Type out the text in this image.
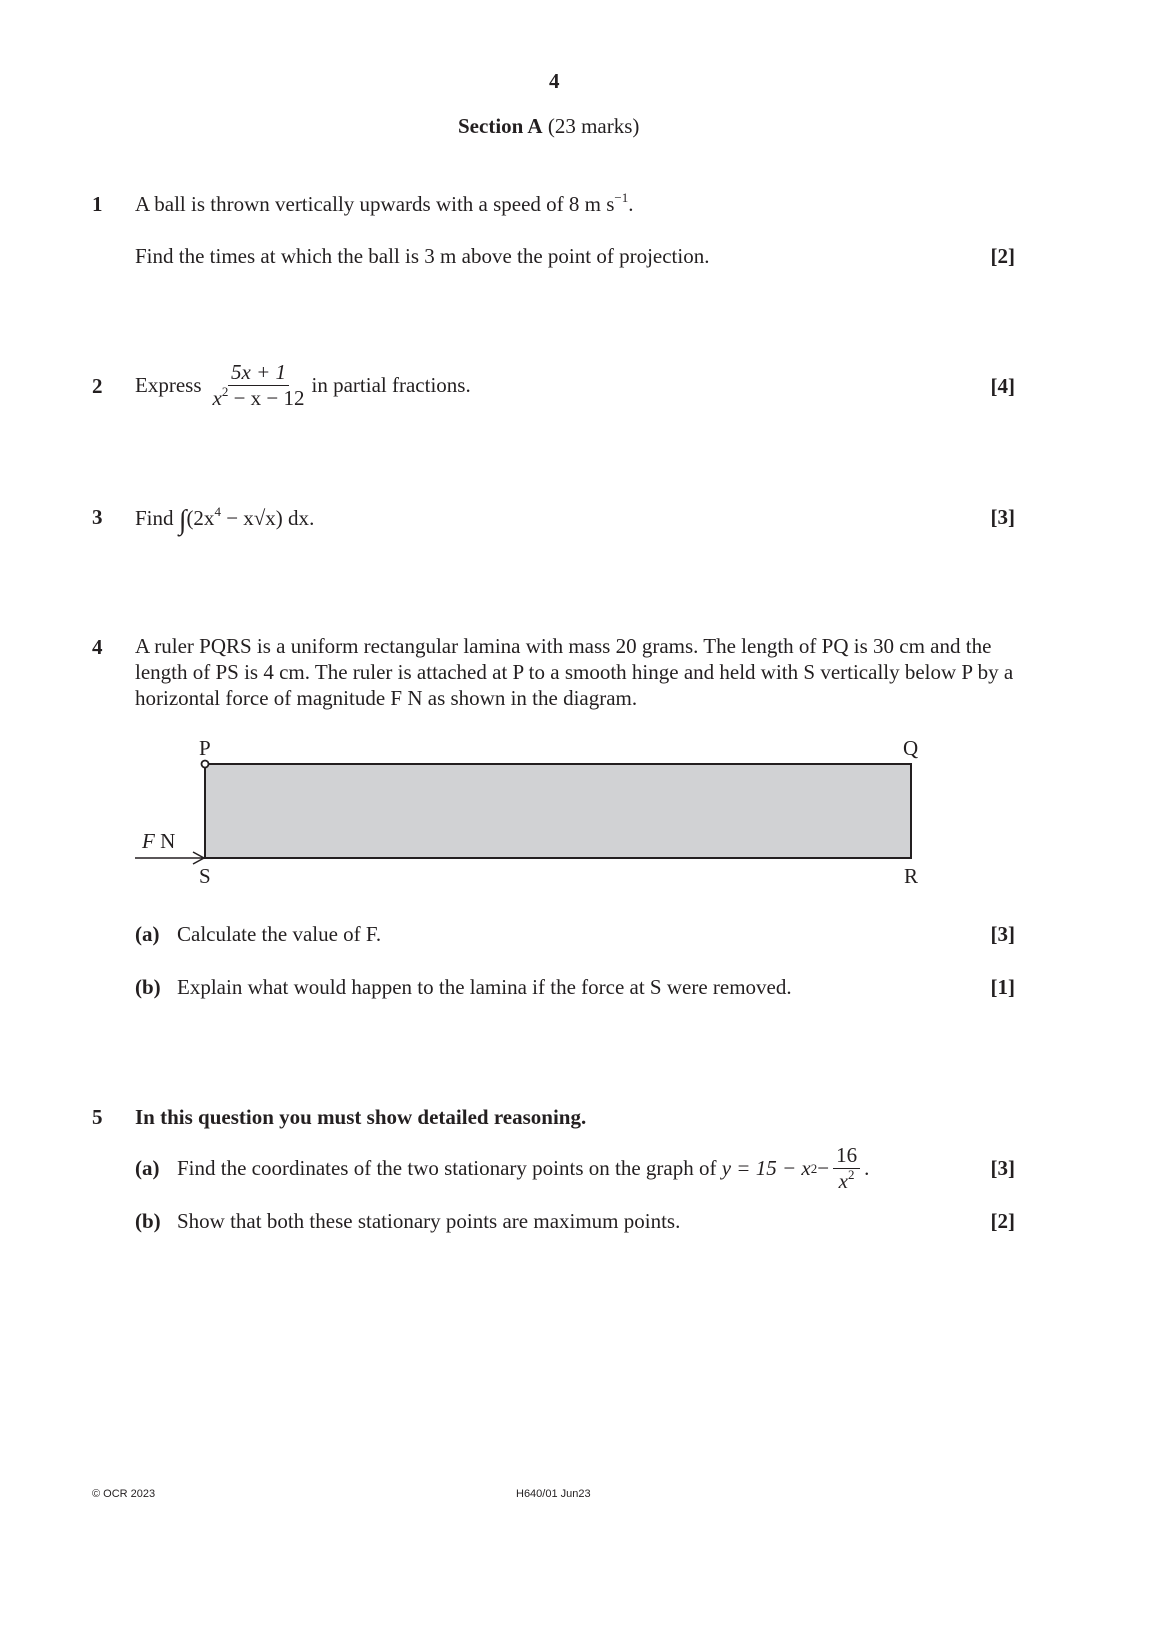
4
Section A (23 marks)
1 A ball is thrown vertically upwards with a speed of 8 m $s^{-1}$.
Find the times at which the ball is 3 m above the point of projection.	[2]
2 Express $\frac{5x + 1}{x^2 - x - 12}$ in partial fractions.	[4]
3 Find $\int(2x^4 - x√x)$ dx.	[3]
4 A ruler PQRS is a uniform rectangular lamina with mass 20 grams. The length of PQ is 30 cm and the length of PS is 4 cm. The ruler is attached at P to a smooth hinge and held with S vertically below P by a horizontal force of magnitude F N as shown in the diagram.
P	Q
S	R
F N
(a) Calculate the value of F.	[3]
(b) Explain what would happen to the lamina if the force at S were removed.	[1]
5 In this question you must show detailed reasoning.
(a) Find the coordinates of the two stationary points on the graph of
y = 15 − x $2 - \frac{16}{x^2}$ .	[3]
(b) Show that both these stationary points are maximum points.	[2]
© OCR 2023	H640/01 Jun23
